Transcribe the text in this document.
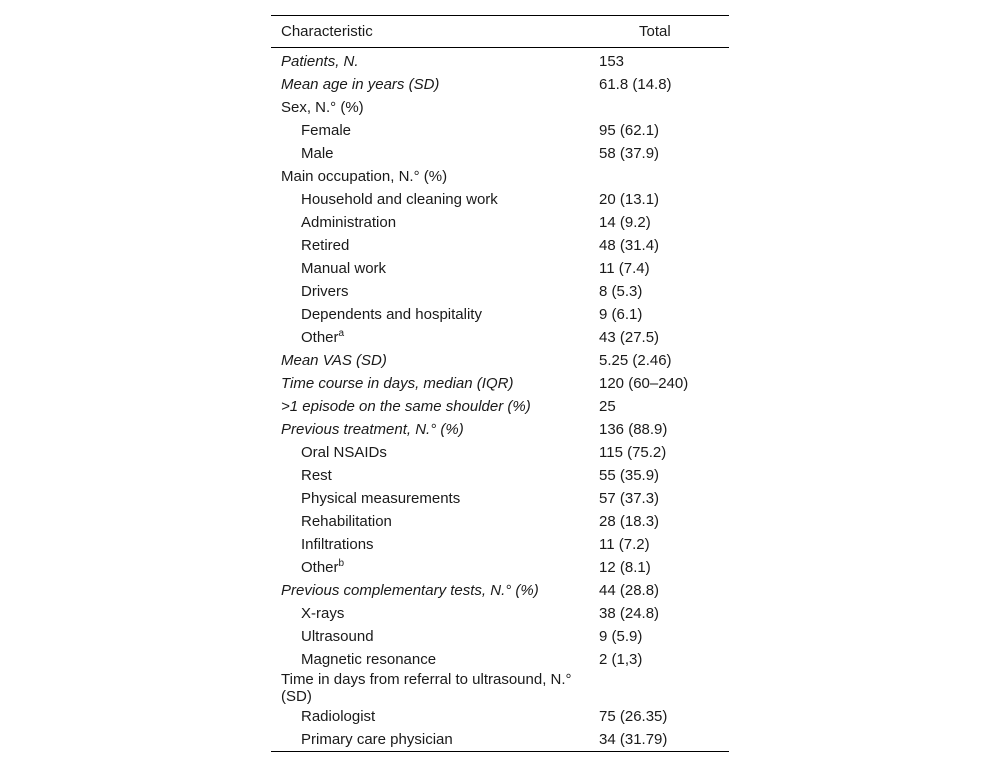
Characteristic	Total
Patients, N.	153
Mean age in years (SD)	61.8 (14.8)
Sex, N.° (%)	
Female	95 (62.1)
Male	58 (37.9)
Main occupation, N.° (%)	
Household and cleaning work	20 (13.1)
Administration	14 (9.2)
Retired	48 (31.4)
Manual work	11 (7.4)
Drivers	8 (5.3)
Dependents and hospitality	9 (6.1)
Other$^a$	43 (27.5)
Mean VAS (SD)	5.25 (2.46)
Time course in days, median (IQR)	120 (60–240)
>1 episode on the same shoulder (%)	25
Previous treatment, N.° (%)	136 (88.9)
Oral NSAIDs	115 (75.2)
Rest	55 (35.9)
Physical measurements	57 (37.3)
Rehabilitation	28 (18.3)
Infiltrations	11 (7.2)
Other$^b$	12 (8.1)
Previous complementary tests, N.° (%)	44 (28.8)
X-rays	38 (24.8)
Ultrasound	9 (5.9)
Magnetic resonance	2 (1,3)
Time in days from referral to ultrasound, N.° (SD)	
Radiologist	75 (26.35)
Primary care physician	34 (31.79)
